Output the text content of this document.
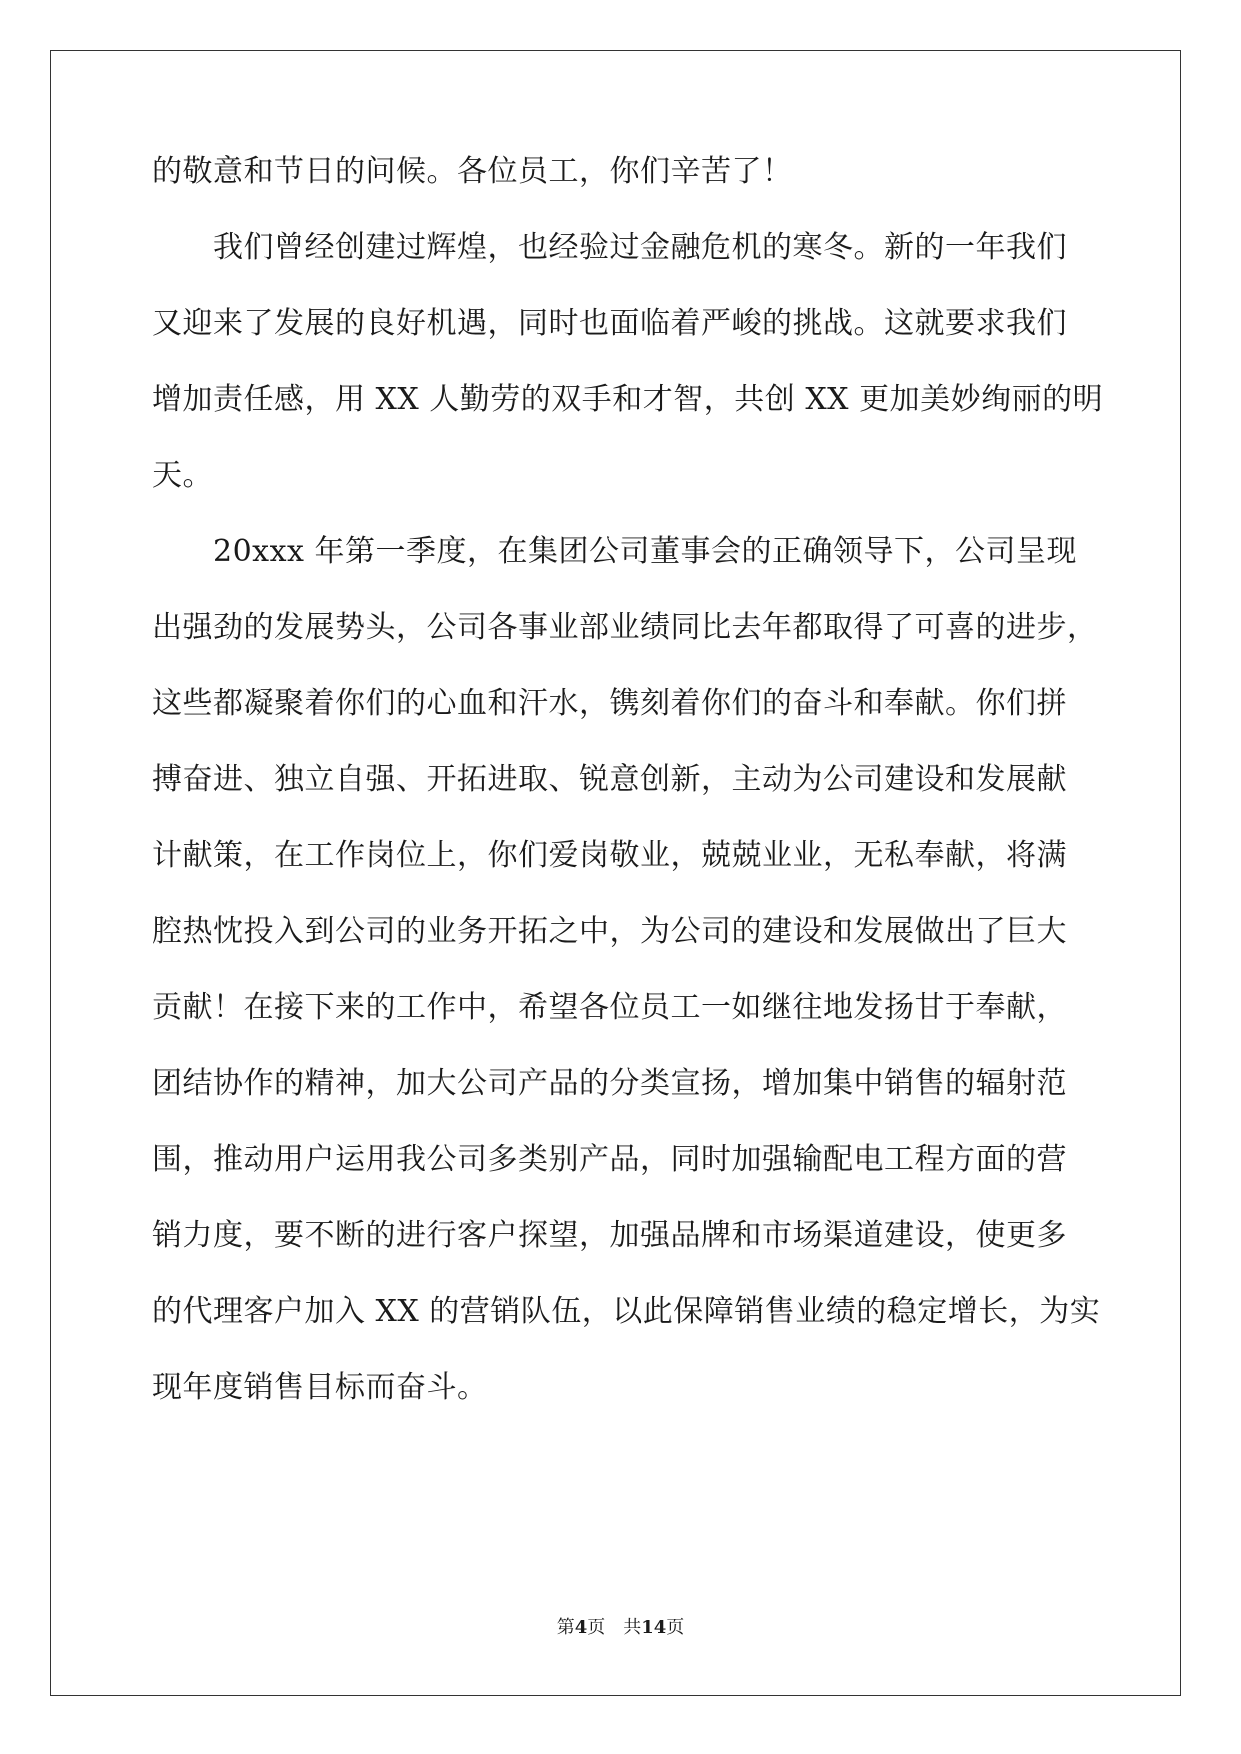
的敬意和节日的问候。各位员工，你们辛苦了！
　　我们曾经创建过辉煌，也经验过金融危机的寒冬。新的一年我们
又迎来了发展的良好机遇，同时也面临着严峻的挑战。这就要求我们
增加责任感，用 XX 人勤劳的双手和才智，共创 XX 更加美妙绚丽的明
天。
　　20xxx 年第一季度，在集团公司董事会的正确领导下，公司呈现
出强劲的发展势头，公司各事业部业绩同比去年都取得了可喜的进步，
这些都凝聚着你们的心血和汗水，镌刻着你们的奋斗和奉献。你们拼
搏奋进、独立自强、开拓进取、锐意创新，主动为公司建设和发展献
计献策，在工作岗位上，你们爱岗敬业，兢兢业业，无私奉献，将满
腔热忱投入到公司的业务开拓之中，为公司的建设和发展做出了巨大
贡献！在接下来的工作中，希望各位员工一如继往地发扬甘于奉献，
团结协作的精神，加大公司产品的分类宣扬，增加集中销售的辐射范
围，推动用户运用我公司多类别产品，同时加强输配电工程方面的营
销力度，要不断的进行客户探望，加强品牌和市场渠道建设，使更多
的代理客户加入 XX 的营销队伍，以此保障销售业绩的稳定增长，为实
现年度销售目标而奋斗。
第4页 共14页
